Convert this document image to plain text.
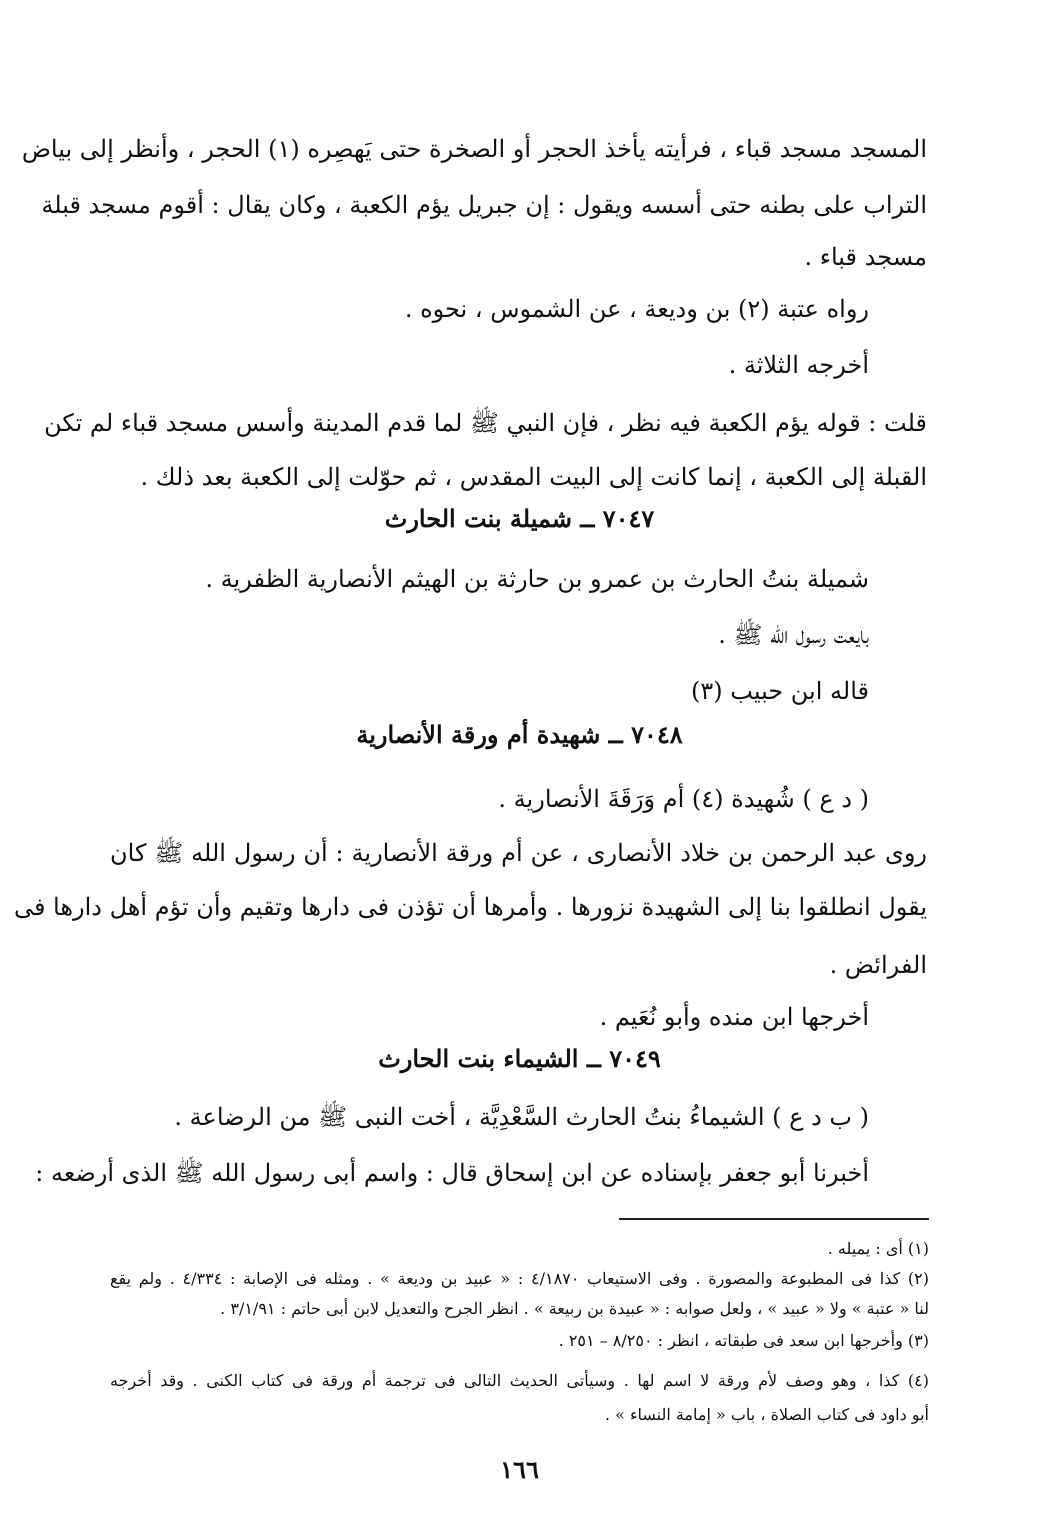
المسجد مسجد قباء ، فرأيته يأخذ الحجر أو الصخرة حتى يَهصِره (١) الحجر ، وأنظر إلى بياض
التراب على بطنه حتى أسسه ويقول : إن جبريل يؤم الكعبة ، وكان يقال : أقوم مسجد قبلة
مسجد قباء .
رواه عتبة (٢) بن وديعة ، عن الشموس ، نحوه .
أخرجه الثلاثة .
قلت : قوله يؤم الكعبة فيه نظر ، فإن النبي ﷺ لما قدم المدينة وأسس مسجد قباء لم تكن
القبلة إلى الكعبة ، إنما كانت إلى البيت المقدس ، ثم حوّلت إلى الكعبة بعد ذلك .
٧٠٤٧ ــ شميلة بنت الحارث
شميلة بنتُ الحارث بن عمرو بن حارثة بن الهيثم الأنصارية الظفرية .
بايعت رسول الله ﷺ .
قاله ابن حبيب (٣)
٧٠٤٨ ــ شهيدة أم ورقة الأنصارية
( د ع ) شُهيدة (٤) أم وَرَقَةَ الأنصارية .
روى عبد الرحمن بن خلاد الأنصارى ، عن أم ورقة الأنصارية : أن رسول الله ﷺ كان
يقول انطلقوا بنا إلى الشهيدة نزورها . وأمرها أن تؤذن فى دارها وتقيم وأن تؤم أهل دارها فى
الفرائض .
أخرجها ابن منده وأبو نُعَيم .
٧٠٤٩ ــ الشيماء بنت الحارث
( ب د ع ) الشيماءُ بنتُ الحارث السَّعْدِيَّة ، أخت النبى ﷺ من الرضاعة .
أخبرنا أبو جعفر بإسناده عن ابن إسحاق قال : واسم أبى رسول الله ﷺ الذى أرضعه :
(١) أى : يميله .
(٢) كذا فى المطبوعة والمصورة . وفى الاستيعاب ٤/١٨٧٠ : « عبيد بن وديعة » . ومثله فى الإصابة : ٤/٣٣٤ . ولم يقع
لنا « عتبة » ولا « عبيد » ، ولعل صوابه : « عبيدة بن ربيعة » . انظر الجرح والتعديل لابن أبى حاتم : ٣/١/٩١ .
(٣) وأخرجها ابن سعد فى طبقاته ، انظر : ٨/٢٥٠ – ٢٥١ .
(٤) كذا ، وهو وصف لأم ورقة لا اسم لها . وسيأتى الحديث التالى فى ترجمة أم ورقة فى كتاب الكنى . وقد أخرجه
أبو داود فى كتاب الصلاة ، باب « إمامة النساء » .
١٦٦
